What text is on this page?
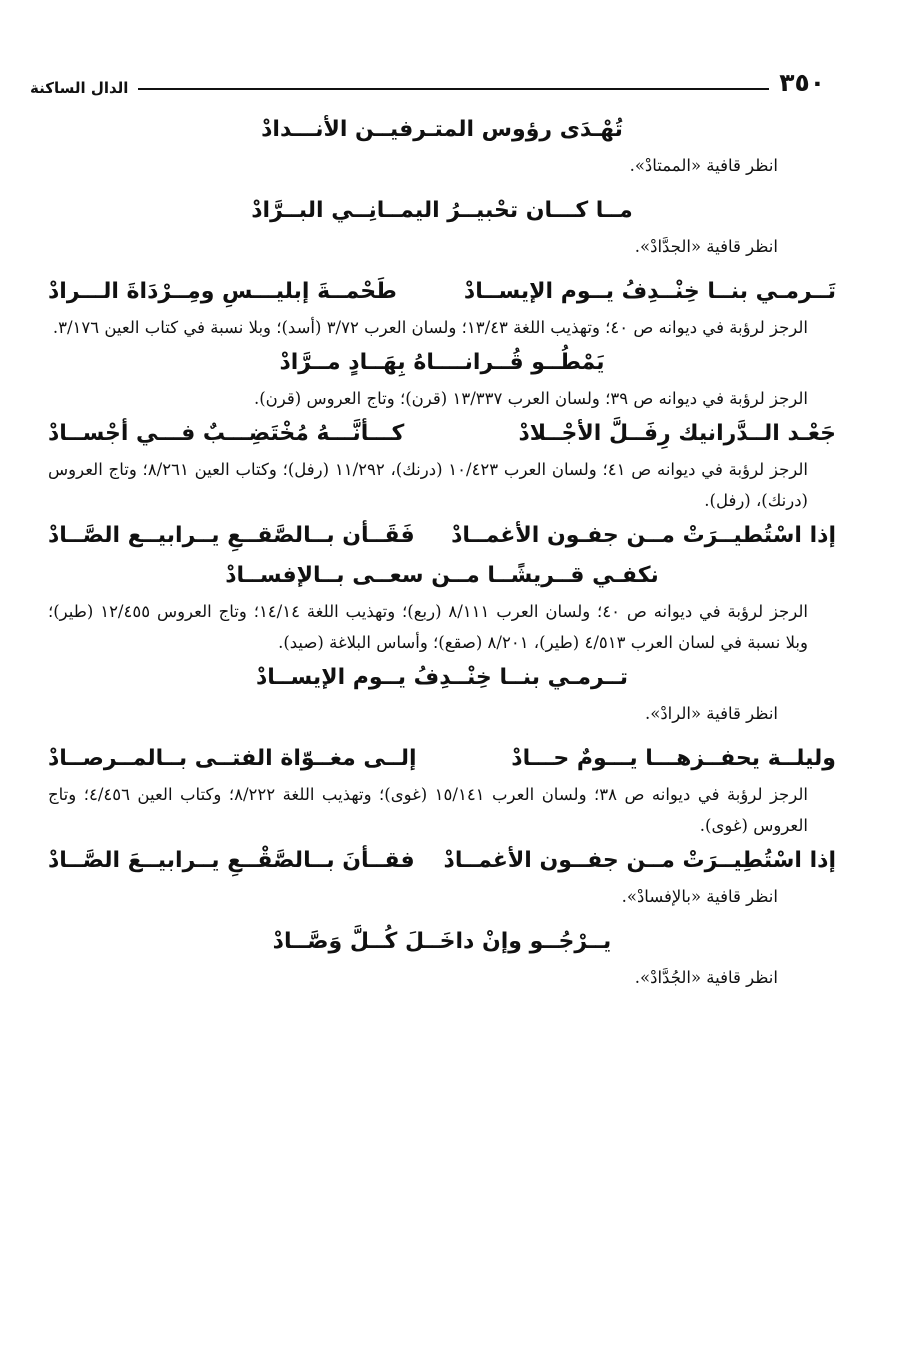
٣٥٠
الدال الساكنة
تُهْـدَى رؤوس المتـرفيــن الأنـــدادْ
انظر قافية «الممتادْ».
مــا كـــان تحْبيــرُ اليمــانِــي البــرَّادْ
انظر قافية «الجدَّادْ».
تَــرمـي بنــا خِنْــدِفُ يــوم الإيســادْ
طَحْمــةَ إبليـــسِ ومِــرْدَاةَ الـــرادْ
الرجز لرؤبة في ديوانه ص ٤٠؛ وتهذيب اللغة ١٣/٤٣؛ ولسان العرب ٣/٧٢ (أسد)؛ وبلا نسبة في كتاب العين ٣/١٧٦.
يَمْطُــو قُــرانــــاهُ بِهَــادٍ مــرَّادْ
الرجز لرؤبة في ديوانه ص ٣٩؛ ولسان العرب ١٣/٣٣٧ (قرن)؛ وتاج العروس (قرن).
جَعْـد الــدَّرانيك رِفَــلَّ الأجْــلادْ
كـــأنَّـــهُ مُخْتَضِـــبٌ فـــي أجْســادْ
الرجز لرؤبة في ديوانه ص ٤١؛ ولسان العرب ١٠/٤٢٣ (درنك)، ١١/٢٩٢ (رفل)؛ وكتاب العين ٨/٢٦١؛ وتاج العروس (درنك)، (رفل).
إذا اسْتُطيــرَتْ مــن جفـون الأغمــادْ
فَقَــأن بــالصَّقــعِ يــرابيــع الصَّــادْ
نكفـي قــريشًــا مــن سعــى بــالإفســادْ
الرجز لرؤبة في ديوانه ص ٤٠؛ ولسان العرب ٨/١١١ (ربع)؛ وتهذيب اللغة ١٤/١٤؛ وتاج العروس ١٢/٤٥٥ (طير)؛ وبلا نسبة في لسان العرب ٤/٥١٣ (طير)، ٨/٢٠١ (صقع)؛ وأساس البلاغة (صيد).
تــرمـي بنــا خِنْــدِفُ يــوم الإيســادْ
انظر قافية «الرادْ».
وليلــة يحفــزهـــا يـــومٌ حـــادْ
إلــى مغــوّاة الفتــى بــالمــرصــادْ
الرجز لرؤبة في ديوانه ص ٣٨؛ ولسان العرب ١٥/١٤١ (غوى)؛ وتهذيب اللغة ٨/٢٢٢؛ وكتاب العين ٤/٤٥٦؛ وتاج العروس (غوى).
إذا اسْتُطِيــرَتْ مــن جفــون الأغمــادْ
فقــأنَ بــالصَّقْــعِ يــرابيــعَ الصَّــادْ
انظر قافية «بالإفسادْ».
يــرْجُــو وإنْ داخَــلَ كُــلَّ وَصَّــادْ
انظر قافية «الجُدَّادْ».
